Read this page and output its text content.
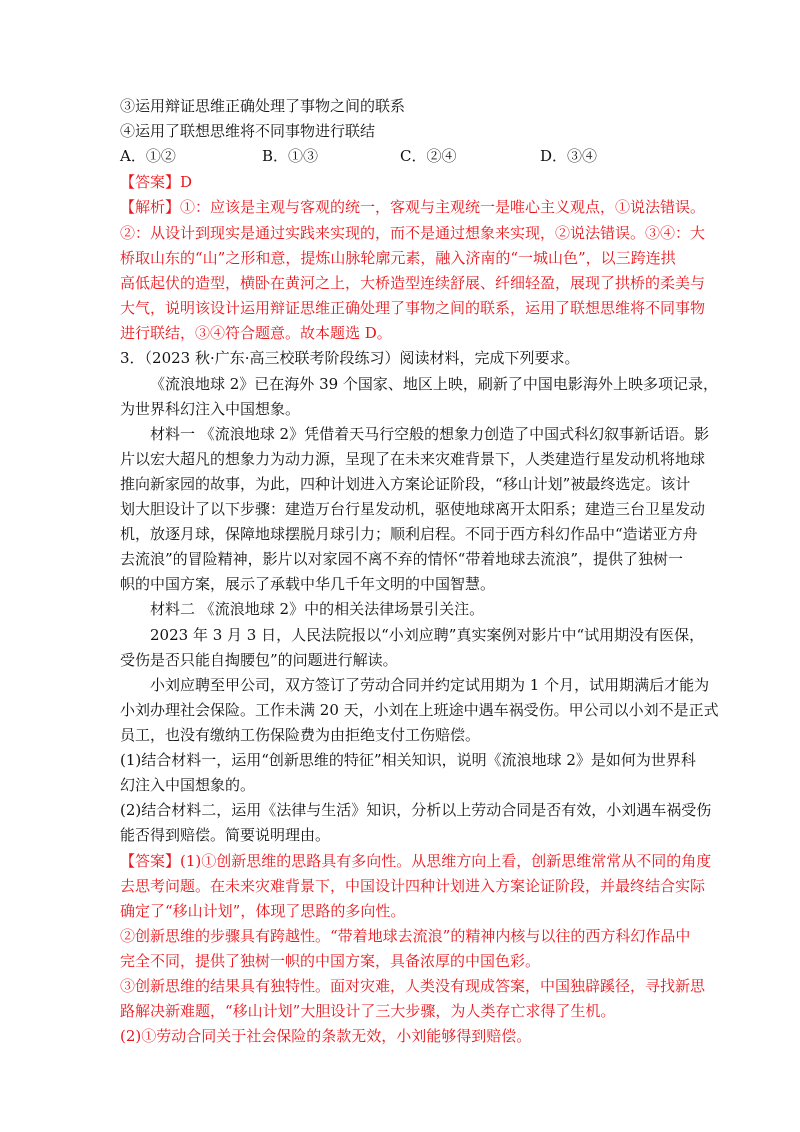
③运用辩证思维正确处理了事物之间的联系
④运用了联想思维将不同事物进行联结
A．①②	B．①③	C．②④	D．③④
【答案】D
【解析】①：应该是主观与客观的统一，客观与主观统一是唯心主义观点，①说法错误。
②：从设计到现实是通过实践来实现的，而不是通过想象来实现，②说法错误。③④：大
桥取山东的“山”之形和意，提炼山脉轮廓元素，融入济南的“一城山色”，以三跨连拱
高低起伏的造型，横卧在黄河之上，大桥造型连续舒展、纤细轻盈，展现了拱桥的柔美与
大气，说明该设计运用辩证思维正确处理了事物之间的联系，运用了联想思维将不同事物
进行联结，③④符合题意。故本题选 D。
3．（2023 秋·广东·高三校联考阶段练习）阅读材料，完成下列要求。
《流浪地球 2》已在海外 39 个国家、地区上映，刷新了中国电影海外上映多项记录，
为世界科幻注入中国想象。
材料一 《流浪地球 2》凭借着天马行空般的想象力创造了中国式科幻叙事新话语。影
片以宏大超凡的想象力为动力源，呈现了在未来灾难背景下，人类建造行星发动机将地球
推向新家园的故事，为此，四种计划进入方案论证阶段，“移山计划”被最终选定。该计
划大胆设计了以下步骤：建造万台行星发动机，驱使地球离开太阳系；建造三台卫星发动
机，放逐月球，保障地球摆脱月球引力；顺利启程。不同于西方科幻作品中“造诺亚方舟
去流浪”的冒险精神，影片以对家园不离不弃的情怀“带着地球去流浪”，提供了独树一
帜的中国方案，展示了承载中华几千年文明的中国智慧。
材料二 《流浪地球 2》中的相关法律场景引关注。
2023 年 3 月 3 日，人民法院报以“小刘应聘”真实案例对影片中“试用期没有医保，
受伤是否只能自掏腰包”的问题进行解读。
小刘应聘至甲公司，双方签订了劳动合同并约定试用期为 1 个月，试用期满后才能为
小刘办理社会保险。工作未满 20 天，小刘在上班途中遇车祸受伤。甲公司以小刘不是正式
员工，也没有缴纳工伤保险费为由拒绝支付工伤赔偿。
(1)结合材料一，运用“创新思维的特征”相关知识，说明《流浪地球 2》是如何为世界科
幻注入中国想象的。
(2)结合材料二，运用《法律与生活》知识，分析以上劳动合同是否有效，小刘遇车祸受伤
能否得到赔偿。简要说明理由。
【答案】(1)①创新思维的思路具有多向性。从思维方向上看，创新思维常常从不同的角度
去思考问题。在未来灾难背景下，中国设计四种计划进入方案论证阶段，并最终结合实际
确定了“移山计划”，体现了思路的多向性。
②创新思维的步骤具有跨越性。“带着地球去流浪”的精神内核与以往的西方科幻作品中
完全不同，提供了独树一帜的中国方案，具备浓厚的中国色彩。
③创新思维的结果具有独特性。面对灾难，人类没有现成答案，中国独辟蹊径，寻找新思
路解决新难题，“移山计划”大胆设计了三大步骤，为人类存亡求得了生机。
(2)①劳动合同关于社会保险的条款无效，小刘能够得到赔偿。
